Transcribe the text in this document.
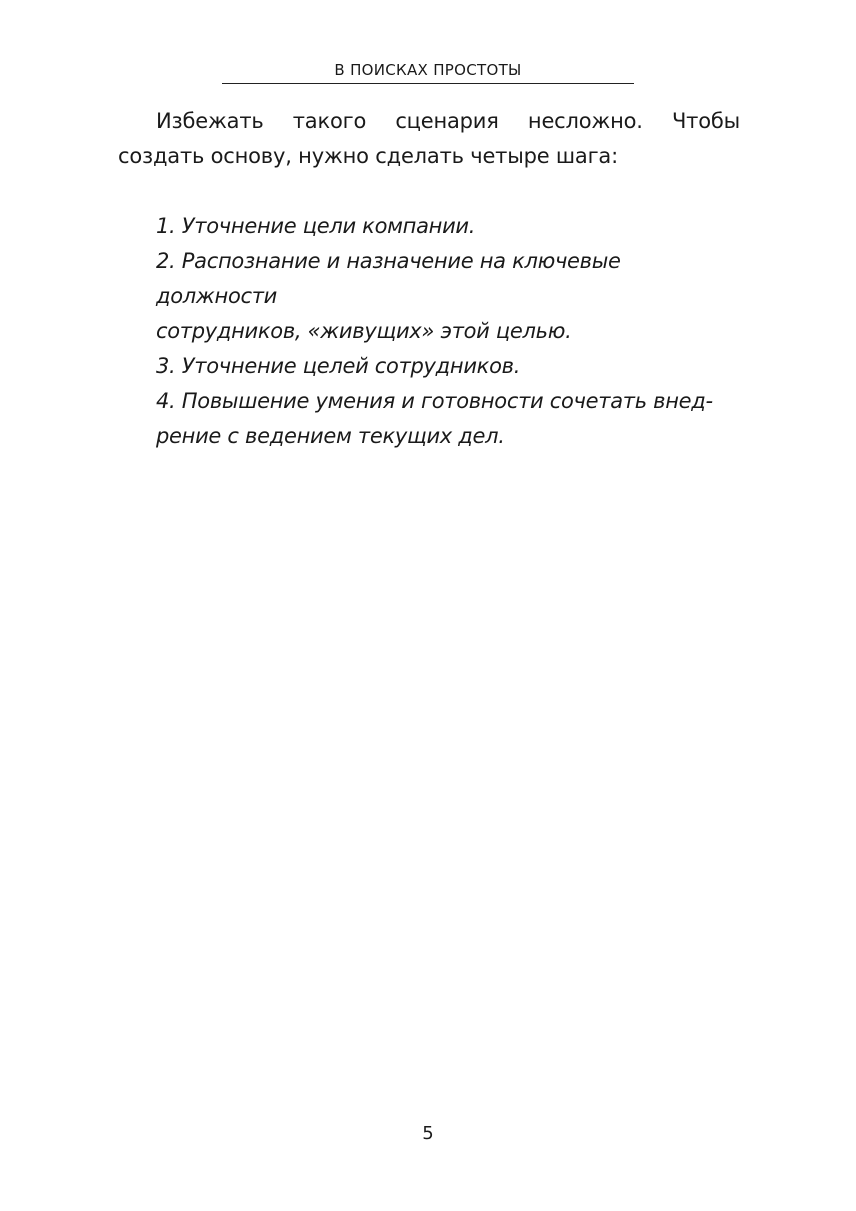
В ПОИСКАХ ПРОСТОТЫ

Избежать такого сценария несложно. Чтобы создать основу, нужно сделать четыре шага:

1. Уточнение цели компании.
2. Распознание и назначение на ключевые должности
сотрудников, «живущих» этой целью.
3. Уточнение целей сотрудников.
4. Повышение умения и готовности сочетать внед-
рение с ведением текущих дел.
5
